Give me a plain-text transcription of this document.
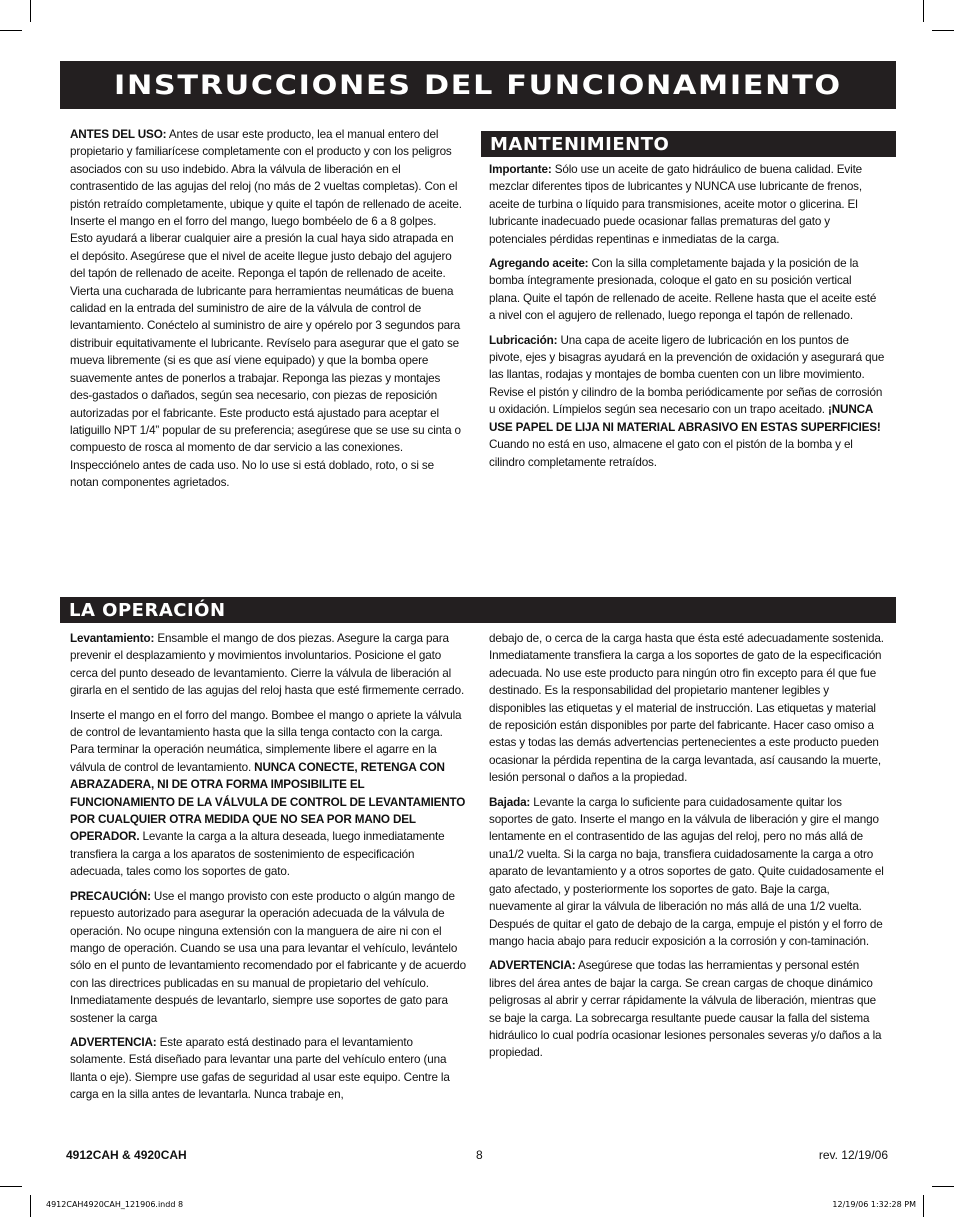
INSTRUCCIONES DEL FUNCIONAMIENTO

ANTES DEL USO: Antes de usar este producto, lea el manual entero del propietario y familiarícese completamente con el producto y con los peligros asociados con su uso indebido. Abra la válvula de liberación en el contrasentido de las agujas del reloj (no más de 2 vueltas completas). Con el pistón retraído completamente, ubique y quite el tapón de rellenado de aceite. Inserte el mango en el forro del mango, luego bombéelo de 6 a 8 golpes. Esto ayudará a liberar cualquier aire a presión la cual haya sido atrapada en el depósito. Asegúrese que el nivel de aceite llegue justo debajo del agujero del tapón de rellenado de aceite. Reponga el tapón de rellenado de aceite. Vierta una cucharada de lubricante para herramientas neumáticas de buena calidad en la entrada del suministro de aire de la válvula de control de levantamiento. Conéctelo al suministro de aire y opérelo por 3 segundos para distribuir equitativamente el lubricante. Revíselo para asegurar que el gato se mueva libremente (si es que así viene equipado) y que la bomba opere suavemente antes de ponerlos a trabajar. Reponga las piezas y montajes des-gastados o dañados, según sea necesario, con piezas de reposición autorizadas por el fabricante. Este producto está ajustado para aceptar el latiguillo NPT 1/4” popular de su preferencia; asegúrese que se use su cinta o compuesto de rosca al momento de dar servicio a las conexiones. Inspecciónelo antes de cada uso. No lo use si está doblado, roto, o si se notan componentes agrietados.

MANTENIMIENTO

Importante: Sólo use un aceite de gato hidráulico de buena calidad. Evite mezclar diferentes tipos de lubricantes y NUNCA use lubricante de frenos, aceite de turbina o líquido para transmisiones, aceite motor o glicerina. El lubricante inadecuado puede ocasionar fallas prematuras del gato y potenciales pérdidas repentinas e inmediatas de la carga.

Agregando aceite: Con la silla completamente bajada y la posición de la bomba íntegramente presionada, coloque el gato en su posición vertical plana. Quite el tapón de rellenado de aceite. Rellene hasta que el aceite esté a nivel con el agujero de rellenado, luego reponga el tapón de rellenado.

Lubricación: Una capa de aceite ligero de lubricación en los puntos de pivote, ejes y bisagras ayudará en la prevención de oxidación y asegurará que las llantas, rodajas y montajes de bomba cuenten con un libre movimiento. Revise el pistón y cilindro de la bomba periódicamente por señas de corrosión u oxidación. Límpielos según sea necesario con un trapo aceitado. ¡NUNCA USE PAPEL DE LIJA NI MATERIAL ABRASIVO EN ESTAS SUPERFICIES! Cuando no está en uso, almacene el gato con el pistón de la bomba y el cilindro completamente retraídos.

LA OPERACIÓN

Levantamiento: Ensamble el mango de dos piezas. Asegure la carga para prevenir el desplazamiento y movimientos involuntarios. Posicione el gato cerca del punto deseado de levantamiento. Cierre la válvula de liberación al girarla en el sentido de las agujas del reloj hasta que esté firmemente cerrado.

Inserte el mango en el forro del mango. Bombee el mango o apriete la válvula de control de levantamiento hasta que la silla tenga contacto con la carga. Para terminar la operación neumática, simplemente libere el agarre en la válvula de control de levantamiento. NUNCA CONECTE, RETENGA CON ABRAZADERA, NI DE OTRA FORMA IMPOSIBILITE EL FUNCIONAMIENTO DE LA VÁLVULA DE CONTROL DE LEVANTAMIENTO POR CUALQUIER OTRA MEDIDA QUE NO SEA POR MANO DEL OPERADOR. Levante la carga a la altura deseada, luego inmediatamente transfiera la carga a los aparatos de sostenimiento de especificación adecuada, tales como los soportes de gato.

PRECAUCIÓN: Use el mango provisto con este producto o algún mango de repuesto autorizado para asegurar la operación adecuada de la válvula de operación. No ocupe ninguna extensión con la manguera de aire ni con el mango de operación. Cuando se usa una para levantar el vehículo, levántelo sólo en el punto de levantamiento recomendado por el fabricante y de acuerdo con las directrices publicadas en su manual de propietario del vehículo. Inmediatamente después de levantarlo, siempre use soportes de gato para sostener la carga

ADVERTENCIA: Este aparato está destinado para el levantamiento solamente. Está diseñado para levantar una parte del vehículo entero (una llanta o eje). Siempre use gafas de seguridad al usar este equipo. Centre la carga en la silla antes de levantarla. Nunca trabaje en,

debajo de, o cerca de la carga hasta que ésta esté adecuadamente sostenida. Inmediatamente transfiera la carga a los soportes de gato de la especificación adecuada. No use este producto para ningún otro fin excepto para él que fue destinado. Es la responsabilidad del propietario mantener legibles y disponibles las etiquetas y el material de instrucción. Las etiquetas y material de reposición están disponibles por parte del fabricante. Hacer caso omiso a estas y todas las demás advertencias pertenecientes a este producto pueden ocasionar la pérdida repentina de la carga levantada, así causando la muerte, lesión personal o daños a la propiedad.

Bajada: Levante la carga lo suficiente para cuidadosamente quitar los soportes de gato. Inserte el mango en la válvula de liberación y gire el mango lentamente en el contrasentido de las agujas del reloj, pero no más allá de una1/2 vuelta. Si la carga no baja, transfiera cuidadosamente la carga a otro aparato de levantamiento y a otros soportes de gato. Quite cuidadosamente el gato afectado, y posteriormente los soportes de gato. Baje la carga, nuevamente al girar la válvula de liberación no más allá de una 1/2 vuelta. Después de quitar el gato de debajo de la carga, empuje el pistón y el forro de mango hacia abajo para reducir exposición a la corrosión y con-taminación.

ADVERTENCIA: Asegúrese que todas las herramientas y personal estén libres del área antes de bajar la carga. Se crean cargas de choque dinámico peligrosas al abrir y cerrar rápidamente la válvula de liberación, mientras que se baje la carga. La sobrecarga resultante puede causar la falla del sistema hidráulico lo cual podría ocasionar lesiones personales severas y/o daños a la propiedad.

4912CAH & 4920CAH	8	rev. 12/19/06
4912CAH4920CAH_121906.indd 8	12/19/06 1:32:28 PM
